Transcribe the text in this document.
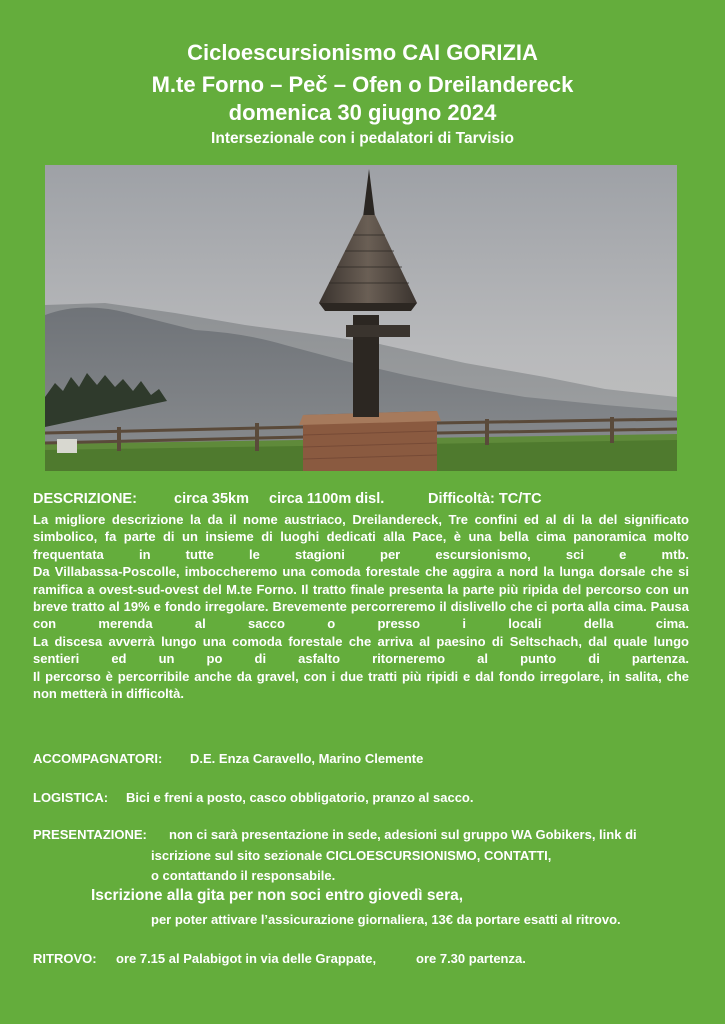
Cicloescursionismo CAI GORIZIA
M.te Forno – Peč – Ofen o Dreilandereck
domenica 30 giugno 2024
Intersezionale con i pedalatori di Tarvisio
DESCRIZIONE:	circa 35km circa 1100m disl.	Difficoltà: TC/TC

La migliore descrizione la da il nome austriaco, Dreilandereck, Tre confini ed al di la del significato simbolico, fa parte di un insieme di luoghi dedicati alla Pace, è una bella cima panoramica molto frequentata in tutte le stagioni per escursionismo, sci e mtb.

Da Villabassa-Poscolle, imboccheremo una comoda forestale che aggira a nord la lunga dorsale che si ramifica a ovest-sud-ovest del M.te Forno. Il tratto finale presenta la parte più ripida del percorso con un breve tratto al 19% e fondo irregolare. Brevemente percorreremo il dislivello che ci porta alla cima. Pausa con merenda al sacco o presso i locali della cima.

La discesa avverrà lungo una comoda forestale che arriva al paesino di Seltschach, dal quale lungo sentieri ed un po di asfalto ritorneremo al punto di partenza.

Il percorso è percorribile anche da gravel, con i due tratti più ripidi e dal fondo irregolare, in salita, che non metterà in difficoltà.

ACCOMPAGNATORI: D.E. Enza Caravello, Marino Clemente
LOGISTICA: Bici e freni a posto, casco obbligatorio, pranzo al sacco.
PRESENTAZIONE: non ci sarà presentazione in sede, adesioni sul gruppo WA Gobikers, link di
iscrizione sul sito sezionale CICLOESCURSIONISMO, CONTATTI,
o contattando il responsabile.
Iscrizione alla gita per non soci entro giovedì sera,
per poter attivare l’assicurazione giornaliera, 13€ da portare esatti al ritrovo.
RITROVO: ore 7.15 al Palabigot in via delle Grappate,	ore 7.30 partenza.
